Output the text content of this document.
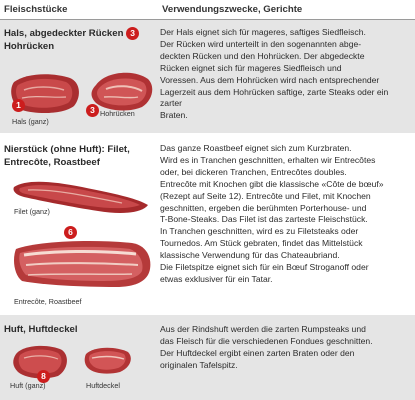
Fleischstücke	Verwendungszwecke, Gerichte
Hals, abgedeckter Rücken 3
Hohrücken
1
Hals (ganz)
3 Hohrücken
Der Hals eignet sich für mageres, saftiges Siedfleisch.
Der Rücken wird unterteilt in den sogenannten abge-
deckten Rücken und den Hohrücken. Der abgedeckte
Rücken eignet sich für mageres Siedfleisch und
Voressen. Aus dem Hohrücken wird nach entsprechender
Lagerzeit aus dem Hohrücken saftige, zarte Steaks oder ein zarter
Braten.
Nierstück (ohne Huft): Filet,
Entrecôte, Roastbeef
Filet (ganz)
6
Entrecôte, Roastbeef
Das ganze Roastbeef eignet sich zum Kurzbraten.
Wird es in Tranchen geschnitten, erhalten wir Entrecôtes
oder, bei dickeren Tranchen, Entrecôtes doubles.
Entrecôte mit Knochen gibt die klassische «Côte de bœuf»
(Rezept auf Seite 12). Entrecôte und Filet, mit Knochen
geschnitten, ergeben die berühmten Porterhouse- und
T-Bone-Steaks. Das Filet ist das zarteste Fleischstück.
In Tranchen geschnitten, wird es zu Filetsteaks oder
Tournedos. Am Stück gebraten, findet das Mittelstück
klassische Verwendung für das Chateaubriand.
Die Filetspitze eignet sich für ein Bœuf Stroganoff oder
etwas exklusiver für ein Tatar.
Huft, Huftdeckel
8
Huft (ganz)	Huftdeckel
Aus der Rindshuft werden die zarten Rumpsteaks und
das Fleisch für die verschiedenen Fondues geschnitten.
Der Huftdeckel ergibt einen zarten Braten oder den
originalen Tafelspitz.
